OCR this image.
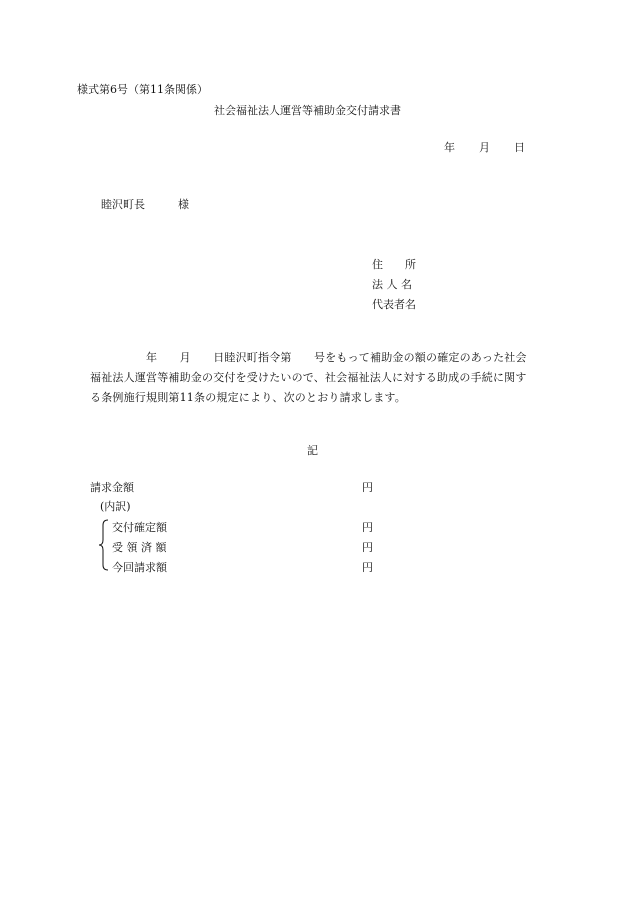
様式第6号（第11条関係）
社会福祉法人運営等補助金交付請求書
年 月 日
睦沢町長	様
住　　所
法 人 名
代表者名
　　　　　年　　月　　日睦沢町指令第　　号をもって補助金の額の確定のあった社会
福祉法人運営等補助金の交付を受けたいので、社会福祉法人に対する助成の手続に関す
る条例施行規則第11条の規定により、次のとおり請求します。
記
請求金額	円
(内訳)
交付確定額	円
受 領 済 額	円
今回請求額	円
